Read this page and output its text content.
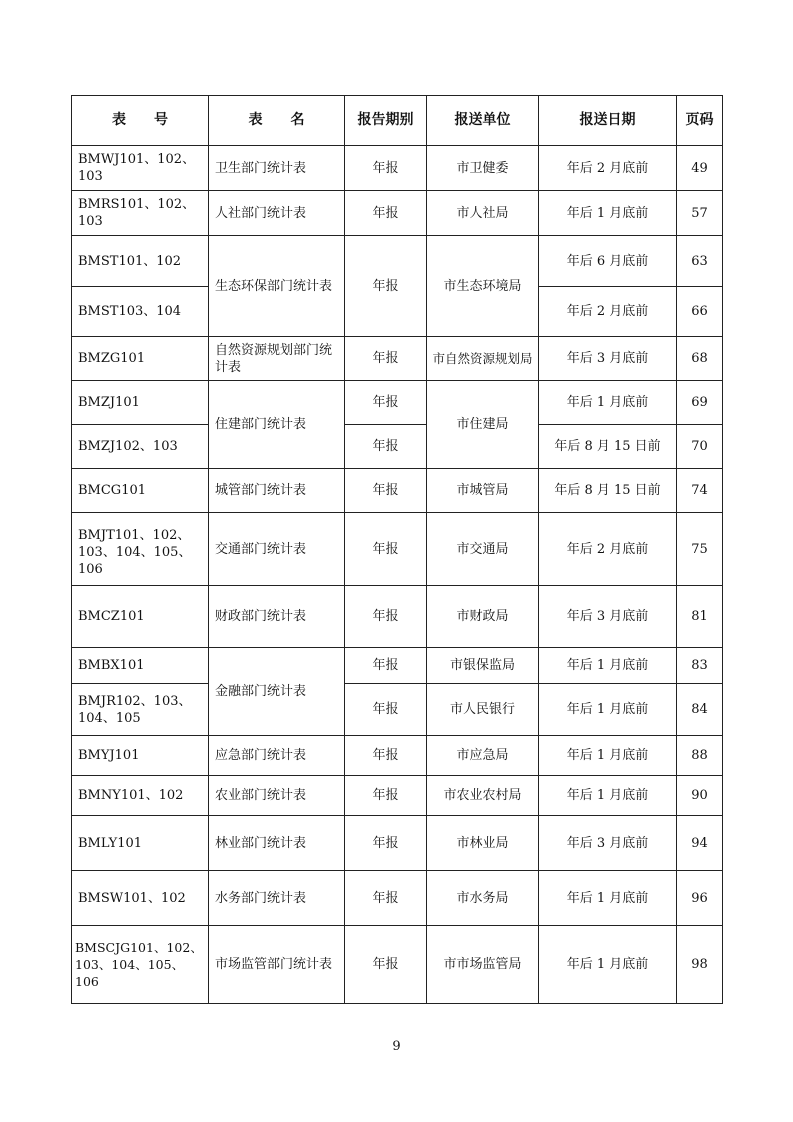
表　　号	表　　名	报告期别	报送单位	报送日期	页码
BMWJ101、102、103	卫生部门统计表	年报	市卫健委	年后 2 月底前	49
BMRS101、102、103	人社部门统计表	年报	市人社局	年后 1 月底前	57
BMST101、102	生态环保部门统计表	年报	市生态环境局	年后 6 月底前	63
BMST103、104				年后 2 月底前	66
BMZG101	自然资源规划部门统计表	年报	市自然资源规划局	年后 3 月底前	68
BMZJ101	住建部门统计表	年报	市住建局	年后 1 月底前	69
BMZJ102、103		年报		年后 8 月 15 日前	70
BMCG101	城管部门统计表	年报	市城管局	年后 8 月 15 日前	74
BMJT101、102、103、104、105、106	交通部门统计表	年报	市交通局	年后 2 月底前	75
BMCZ101	财政部门统计表	年报	市财政局	年后 3 月底前	81
BMBX101	金融部门统计表	年报	市银保监局	年后 1 月底前	83
BMJR102、103、104、105		年报	市人民银行	年后 1 月底前	84
BMYJ101	应急部门统计表	年报	市应急局	年后 1 月底前	88
BMNY101、102	农业部门统计表	年报	市农业农村局	年后 1 月底前	90
BMLY101	林业部门统计表	年报	市林业局	年后 3 月底前	94
BMSW101、102	水务部门统计表	年报	市水务局	年后 1 月底前	96
BMSCJG101、102、103、104、105、106	市场监管部门统计表	年报	市市场监管局	年后 1 月底前	98
9
